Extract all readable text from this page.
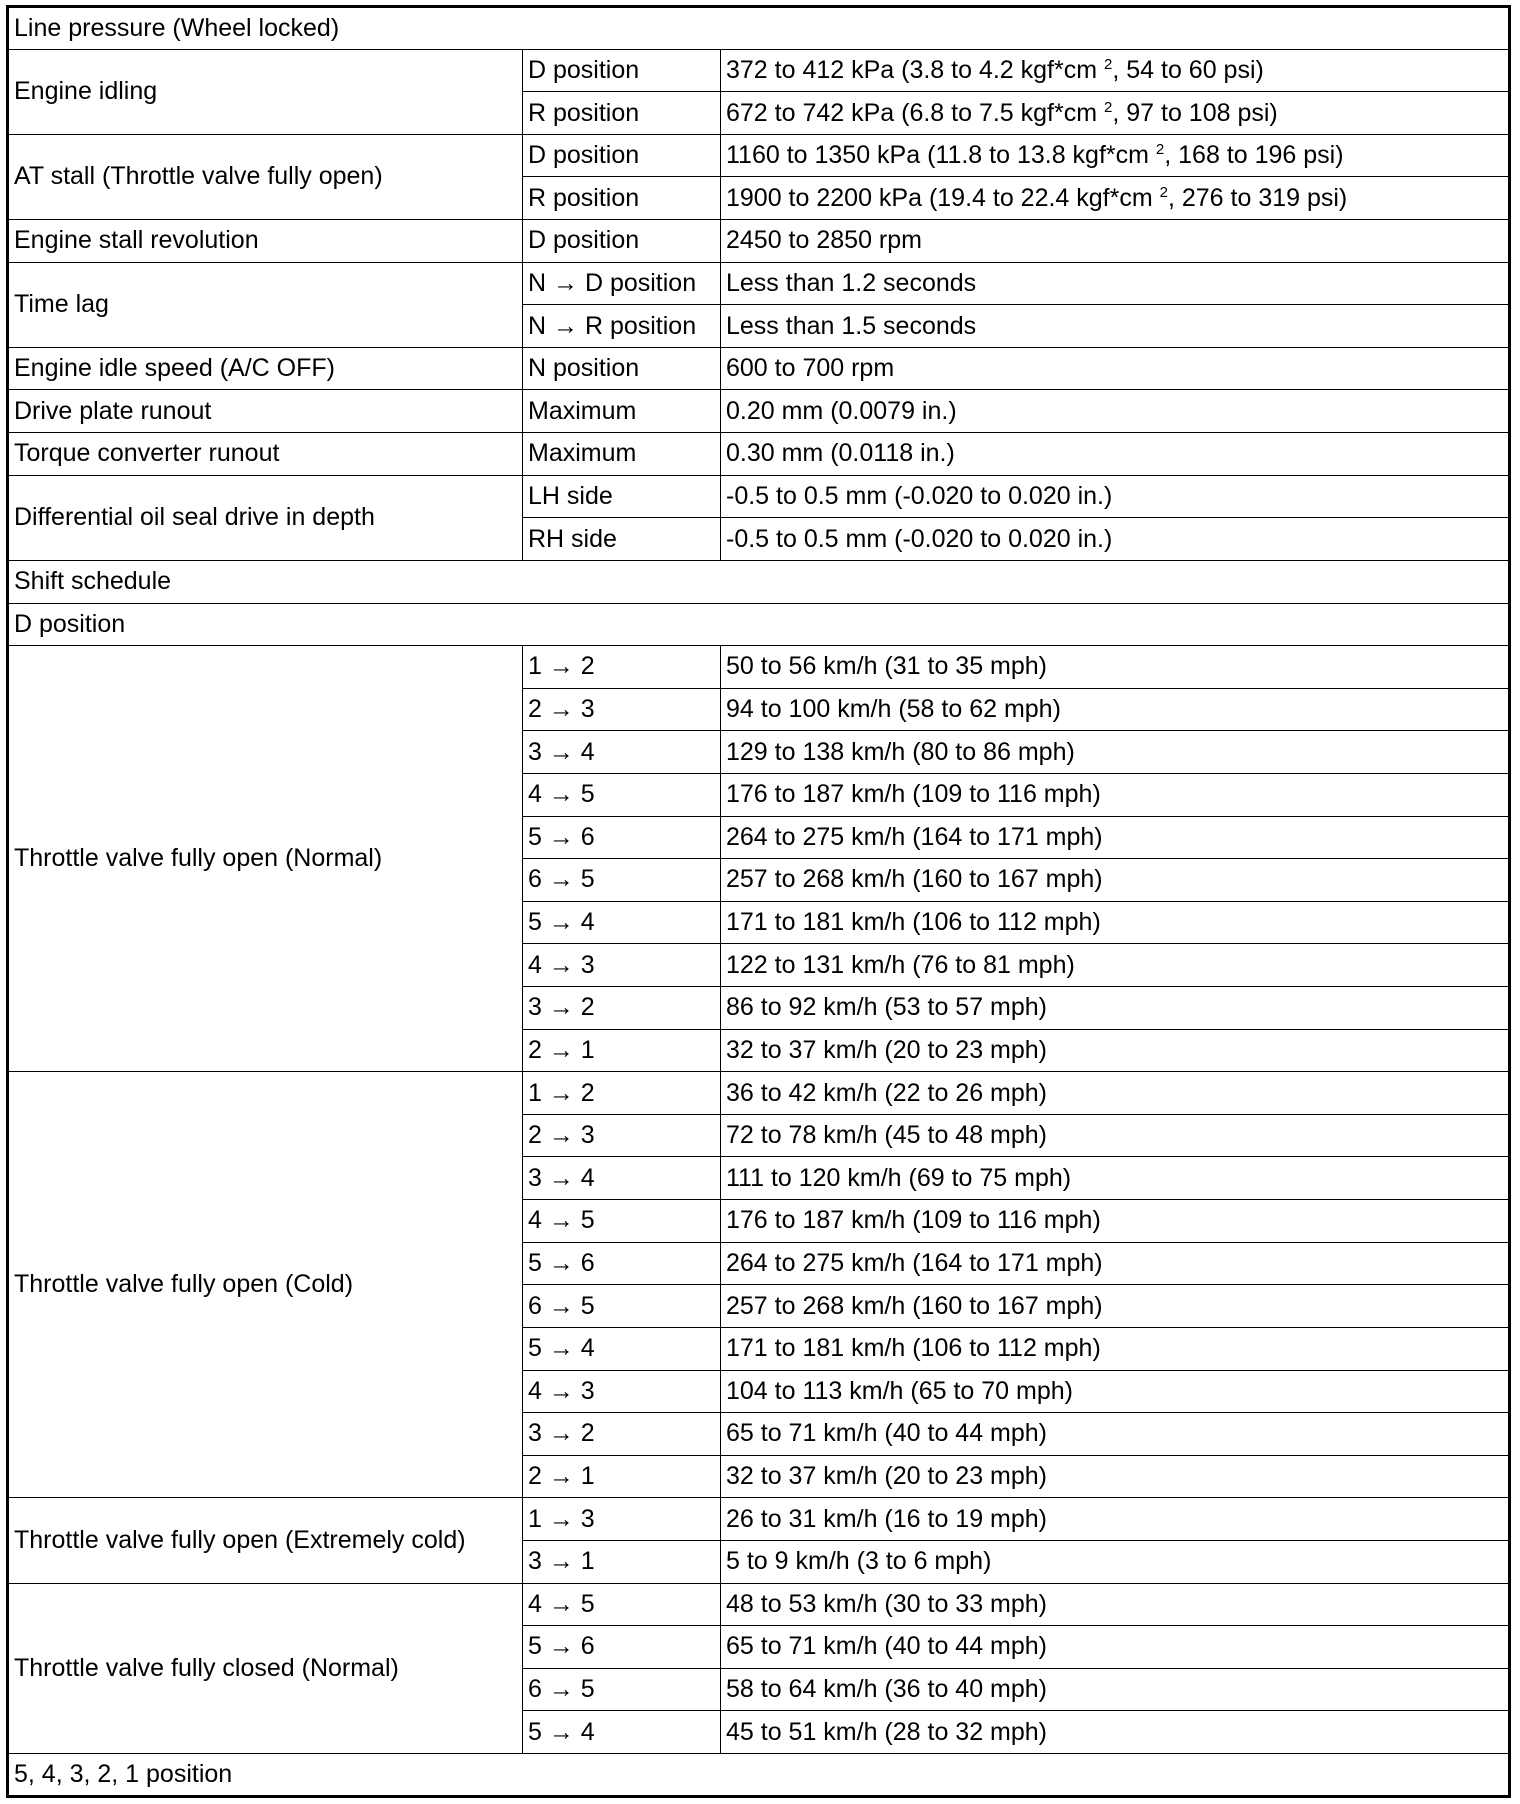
Line pressure (Wheel locked)		
Engine idling	D position	372 to 412 kPa (3.8 to 4.2 kgf*cm $^2$, 54 to 60 psi)
	R position	672 to 742 kPa (6.8 to 7.5 kgf*cm $^2$, 97 to 108 psi)
AT stall (Throttle valve fully open)	D position	1160 to 1350 kPa (11.8 to 13.8 kgf*cm $^2$, 168 to 196 psi)
	R position	1900 to 2200 kPa (19.4 to 22.4 kgf*cm $^2$, 276 to 319 psi)
Engine stall revolution	D position	2450 to 2850 rpm
Time lag	N → D position	Less than 1.2 seconds
	N → R position	Less than 1.5 seconds
Engine idle speed (A/C OFF)	N position	600 to 700 rpm
Drive plate runout	Maximum	0.20 mm (0.0079 in.)
Torque converter runout	Maximum	0.30 mm (0.0118 in.)
Differential oil seal drive in depth	LH side	-0.5 to 0.5 mm (-0.020 to 0.020 in.)
	RH side	-0.5 to 0.5 mm (-0.020 to 0.020 in.)
Shift schedule		
D position		
Throttle valve fully open (Normal)	1 → 2	50 to 56 km/h (31 to 35 mph)
	2 → 3	94 to 100 km/h (58 to 62 mph)
	3 → 4	129 to 138 km/h (80 to 86 mph)
	4 → 5	176 to 187 km/h (109 to 116 mph)
	5 → 6	264 to 275 km/h (164 to 171 mph)
	6 → 5	257 to 268 km/h (160 to 167 mph)
	5 → 4	171 to 181 km/h (106 to 112 mph)
	4 → 3	122 to 131 km/h (76 to 81 mph)
	3 → 2	86 to 92 km/h (53 to 57 mph)
	2 → 1	32 to 37 km/h (20 to 23 mph)
Throttle valve fully open (Cold)	1 → 2	36 to 42 km/h (22 to 26 mph)
	2 → 3	72 to 78 km/h (45 to 48 mph)
	3 → 4	111 to 120 km/h (69 to 75 mph)
	4 → 5	176 to 187 km/h (109 to 116 mph)
	5 → 6	264 to 275 km/h (164 to 171 mph)
	6 → 5	257 to 268 km/h (160 to 167 mph)
	5 → 4	171 to 181 km/h (106 to 112 mph)
	4 → 3	104 to 113 km/h (65 to 70 mph)
	3 → 2	65 to 71 km/h (40 to 44 mph)
	2 → 1	32 to 37 km/h (20 to 23 mph)
Throttle valve fully open (Extremely cold)	1 → 3	26 to 31 km/h (16 to 19 mph)
	3 → 1	5 to 9 km/h (3 to 6 mph)
Throttle valve fully closed (Normal)	4 → 5	48 to 53 km/h (30 to 33 mph)
	5 → 6	65 to 71 km/h (40 to 44 mph)
	6 → 5	58 to 64 km/h (36 to 40 mph)
	5 → 4	45 to 51 km/h (28 to 32 mph)
5, 4, 3, 2, 1 position		
